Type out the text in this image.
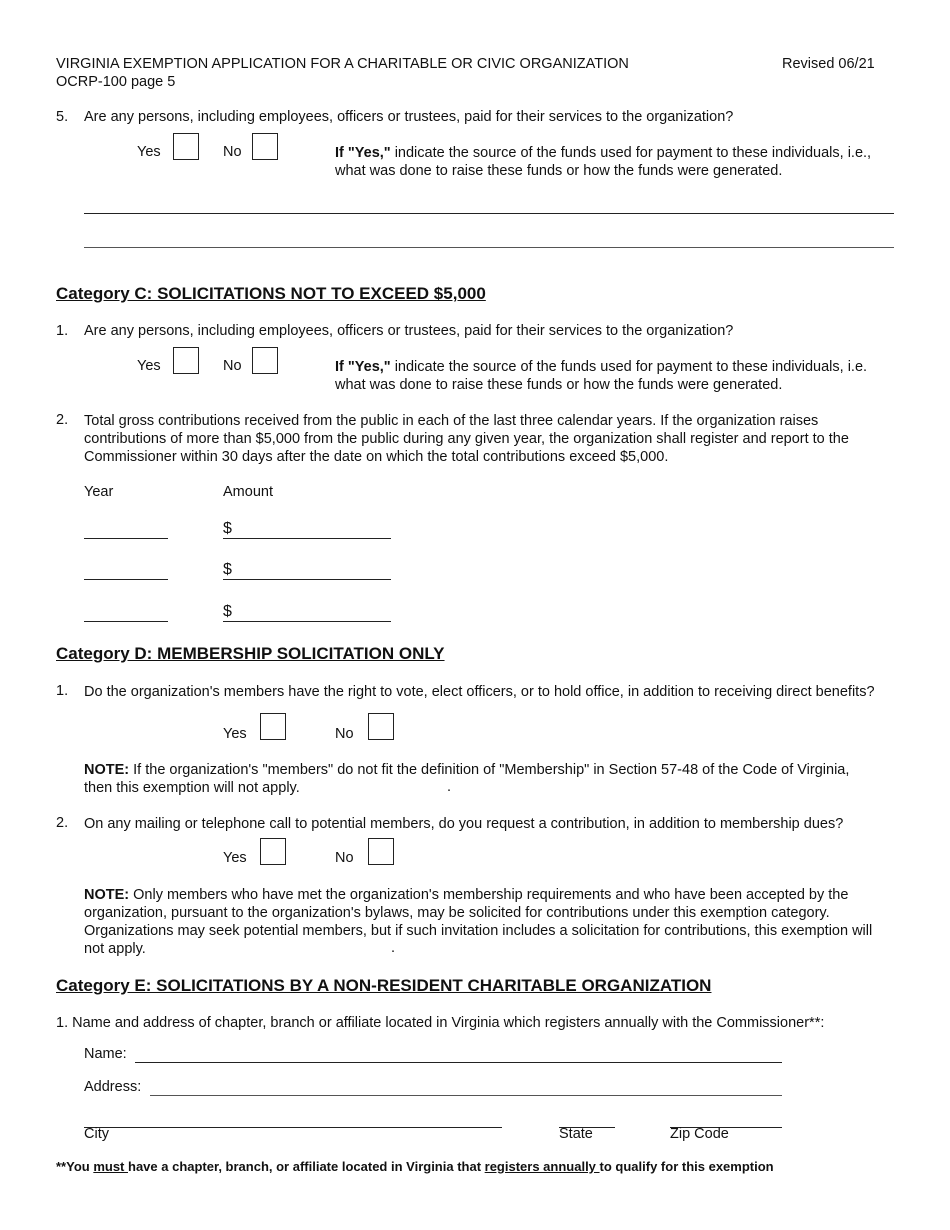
VIRGINIA EXEMPTION APPLICATION FOR A CHARITABLE OR CIVIC ORGANIZATION	Revised 06/21
OCRP-100 page 5
5. Are any persons, including employees, officers or trustees, paid for their services to the organization?
Yes	No	If "Yes," indicate the source of the funds used for payment to these individuals, i.e., what was done to raise these funds or how the funds were generated.
Category C: SOLICITATIONS NOT TO EXCEED $5,000
1. Are any persons, including employees, officers or trustees, paid for their services to the organization?
Yes	No	If "Yes," indicate the source of the funds used for payment to these individuals, i.e. what was done to raise these funds or how the funds were generated.
2. Total gross contributions received from the public in each of the last three calendar years. If the organization raises contributions of more than $5,000 from the public during any given year, the organization shall register and report to the Commissioner within 30 days after the date on which the total contributions exceed $5,000.
Year	Amount
$
$
$
Category D: MEMBERSHIP SOLICITATION ONLY
1. Do the organization's members have the right to vote, elect officers, or to hold office, in addition to receiving direct benefits?
Yes	No
NOTE: If the organization's "members" do not fit the definition of "Membership" in Section 57-48 of the Code of Virginia, then this exemption will not apply.	.
2. On any mailing or telephone call to potential members, do you request a contribution, in addition to membership dues?
Yes	No
NOTE: Only members who have met the organization's membership requirements and who have been accepted by the organization, pursuant to the organization's bylaws, may be solicited for contributions under this exemption category. Organizations may seek potential members, but if such invitation includes a solicitation for contributions, this exemption will not apply.	.
Category E: SOLICITATIONS BY A NON-RESIDENT CHARITABLE ORGANIZATION
1. Name and address of chapter, branch or affiliate located in Virginia which registers annually with the Commissioner**:
Name:
Address:
City	State	Zip Code
**You must have a chapter, branch, or affiliate located in Virginia that registers annually to qualify for this exemption
